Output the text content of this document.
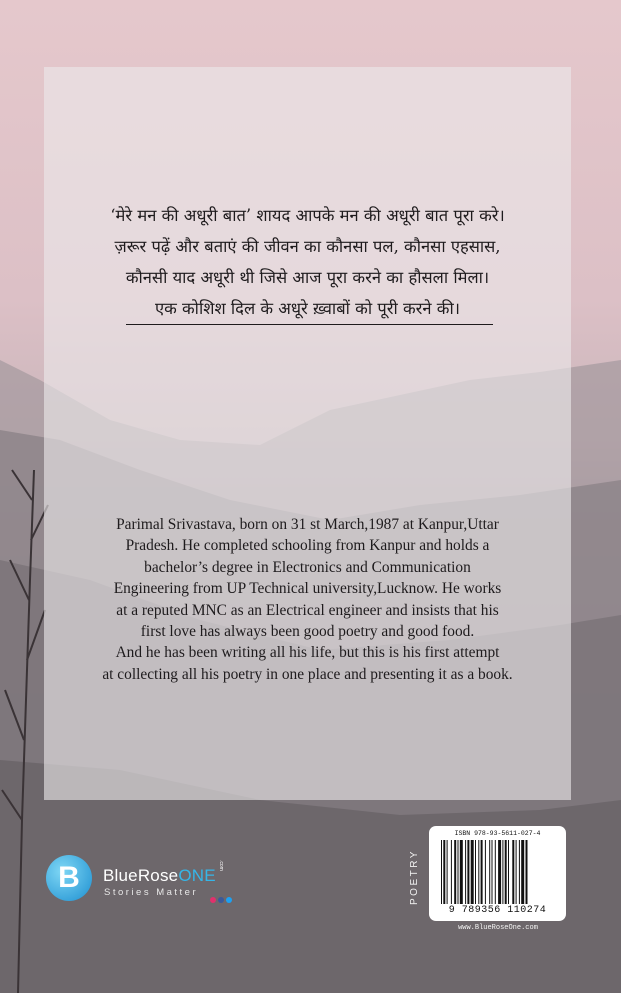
‘मेरे मन की अधूरी बात’ शायद आपके मन की अधूरी बात पूरा करे।
ज़रूर पढ़ें और बताएं की जीवन का कौनसा पल, कौनसा एहसास,
कौनसी याद अधूरी थी जिसे आज पूरा करने का हौसला मिला।
एक कोशिश दिल के अधूरे ख़्वाबों को पूरी करने की।
Parimal Srivastava, born on 31 st March,1987 at Kanpur,Uttar
Pradesh. He completed schooling from Kanpur and holds a
bachelor’s degree in Electronics and Communication
Engineering from UP Technical university,Lucknow. He works
at a reputed MNC as an Electrical engineer and insists that his
first love has always been good poetry and good food.
And he has been writing all his life, but this is his first attempt
at collecting all his poetry in one place and presenting it as a book.
B BlueRoseONE
.com
Stories Matter	POETRY
ISBN 978-93-5611-027-4
9 789356 110274
www.BlueRoseOne.com
